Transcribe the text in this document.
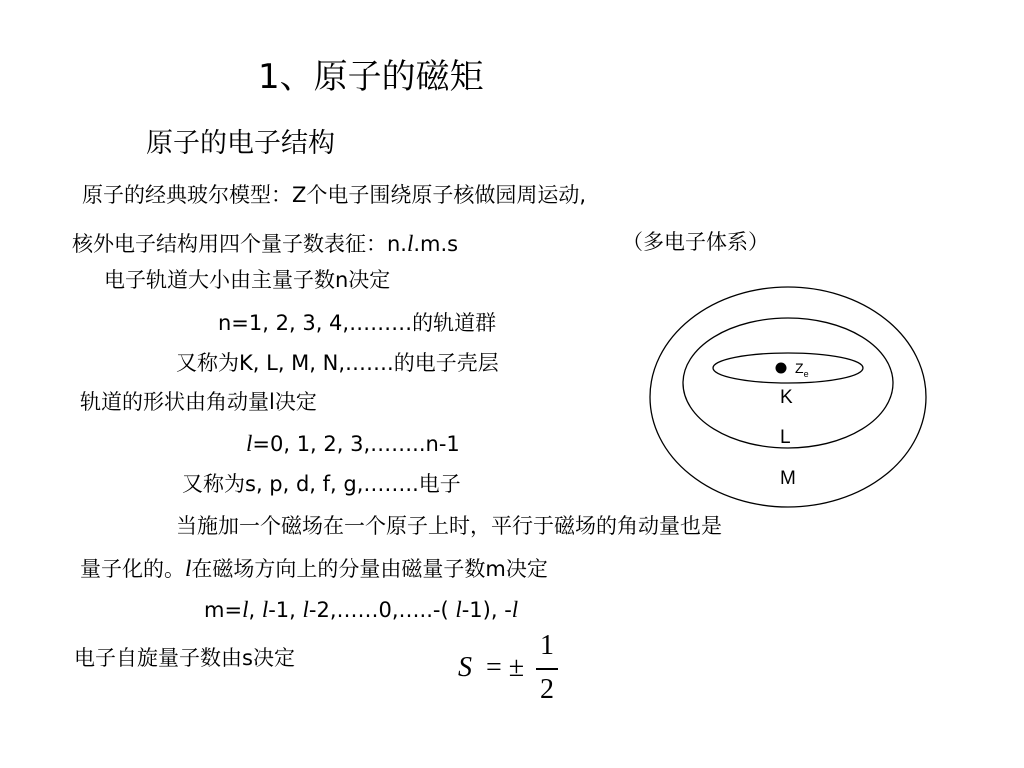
1、原子的磁矩
原子的电子结构
原子的经典玻尔模型：Z个电子围绕原子核做园周运动,
核外电子结构用四个量子数表征：n.l.m.s	（多电子体系）
电子轨道大小由主量子数n决定
n=1, 2, 3, 4,………的轨道群
又称为K, L, M, N,…….的电子壳层
轨道的形状由角动量l决定
l=0, 1, 2, 3,……..n-1
又称为s, p, d, f, g,……..电子
当施加一个磁场在一个原子上时，平行于磁场的角动量也是
量子化的。l在磁场方向上的分量由磁量子数m决定
m=l, l-1, l-2,……0,…..-( l-1), -l
电子自旋量子数由s决定	S = ±
1
2
$Z_e$
K
L
M
